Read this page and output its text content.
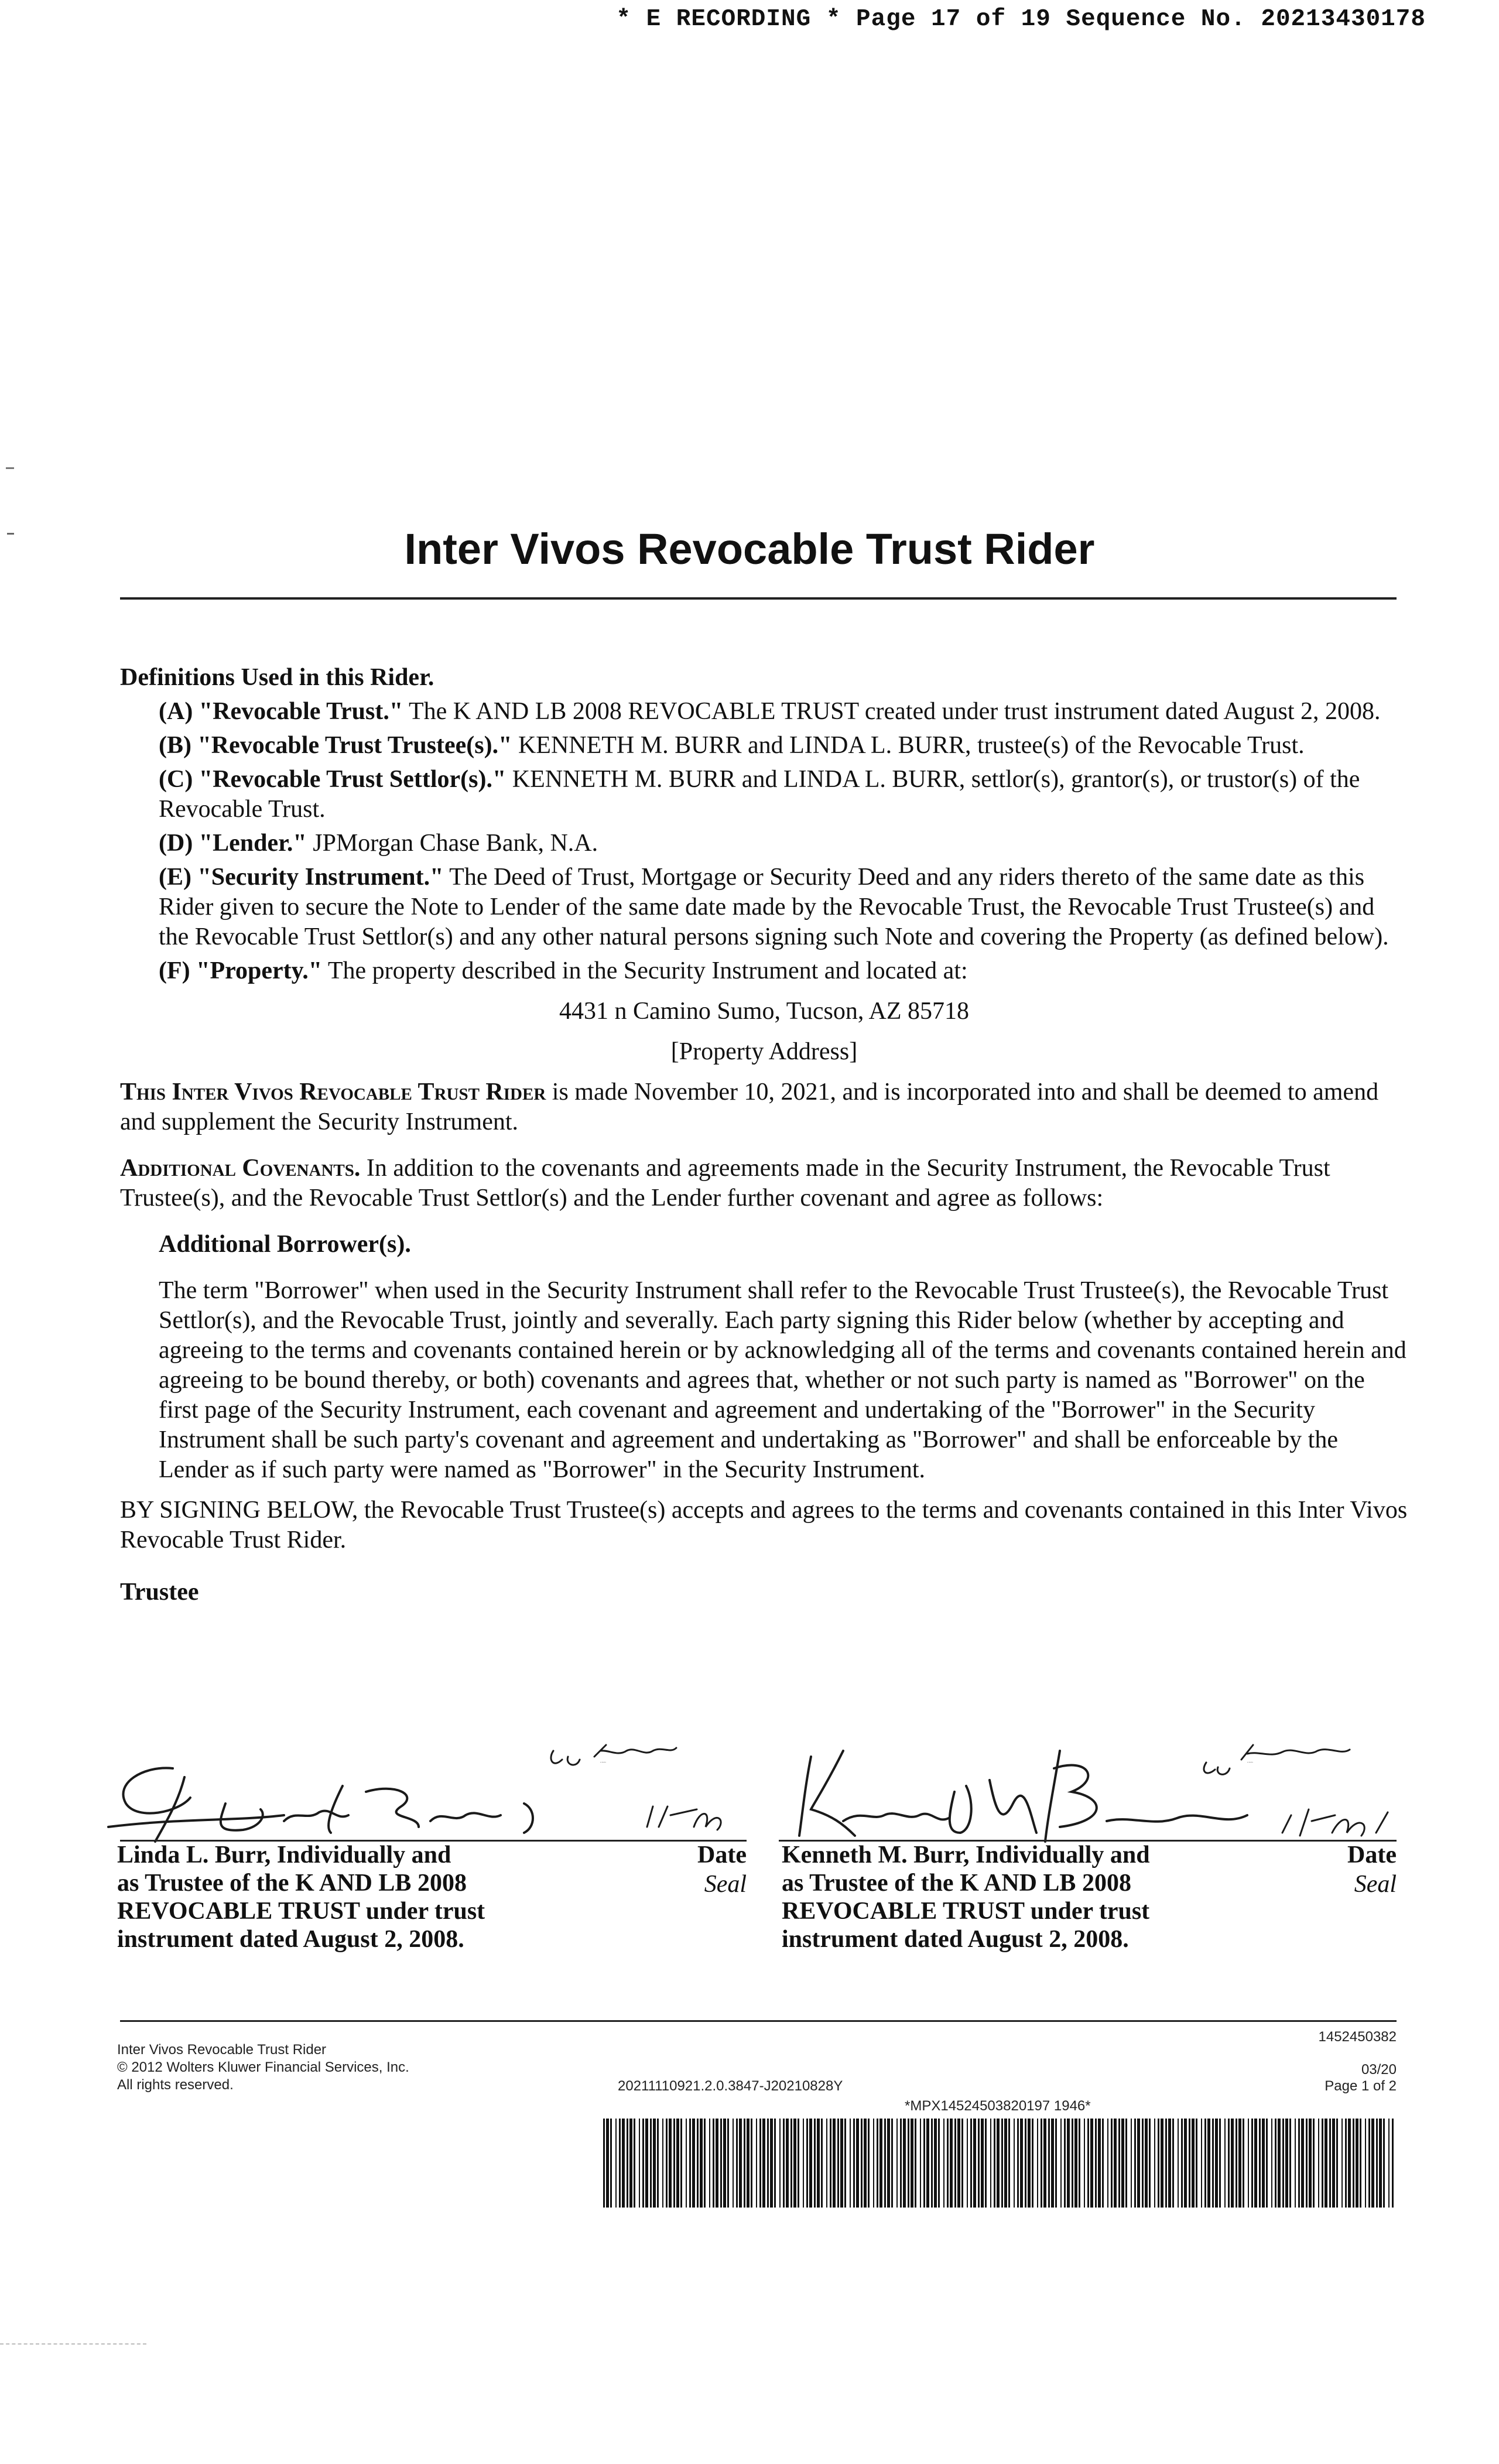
* E RECORDING * Page 17 of 19 Sequence No. 20213430178
Inter Vivos Revocable Trust Rider

Definitions Used in this Rider.

(A) "Revocable Trust." The K AND LB 2008 REVOCABLE TRUST created under trust instrument dated August 2, 2008.

(B) "Revocable Trust Trustee(s)." KENNETH M. BURR and LINDA L. BURR, trustee(s) of the Revocable Trust.

(C) "Revocable Trust Settlor(s)." KENNETH M. BURR and LINDA L. BURR, settlor(s), grantor(s), or trustor(s) of the Revocable Trust.

(D) "Lender." JPMorgan Chase Bank, N.A.

(E) "Security Instrument." The Deed of Trust, Mortgage or Security Deed and any riders thereto of the same date as this Rider given to secure the Note to Lender of the same date made by the Revocable Trust, the Revocable Trust Trustee(s) and the Revocable Trust Settlor(s) and any other natural persons signing such Note and covering the Property (as defined below).

(F) "Property." The property described in the Security Instrument and located at:

4431 n Camino Sumo, Tucson, AZ 85718

[Property Address]

This Inter Vivos Revocable Trust Rider is made November 10, 2021, and is incorporated into and shall be deemed to amend and supplement the Security Instrument.

Additional Covenants. In addition to the covenants and agreements made in the Security Instrument, the Revocable Trust Trustee(s), and the Revocable Trust Settlor(s) and the Lender further covenant and agree as follows:

Additional Borrower(s).

The term "Borrower" when used in the Security Instrument shall refer to the Revocable Trust Trustee(s), the Revocable Trust Settlor(s), and the Revocable Trust, jointly and severally. Each party signing this Rider below (whether by accepting and agreeing to the terms and covenants contained herein or by acknowledging all of the terms and covenants contained herein and agreeing to be bound thereby, or both) covenants and agrees that, whether or not such party is named as "Borrower" on the first page of the Security Instrument, each covenant and agreement and undertaking of the "Borrower" in the Security Instrument shall be such party's covenant and agreement and undertaking as "Borrower" and shall be enforceable by the Lender as if such party were named as "Borrower" in the Security Instrument.

BY SIGNING BELOW, the Revocable Trust Trustee(s) accepts and agrees to the terms and covenants contained in this Inter Vivos Revocable Trust Rider.

Trustee

as trustee
Date
Seal
Linda L. Burr, Individually and
as Trustee of the K AND LB 2008
REVOCABLE TRUST under trust
instrument dated August 2, 2008.
as trustee
Date
Seal
Kenneth M. Burr, Individually and
as Trustee of the K AND LB 2008
REVOCABLE TRUST under trust
instrument dated August 2, 2008.
Inter Vivos Revocable Trust Rider
© 2012 Wolters Kluwer Financial Services, Inc.
All rights reserved.	20211110921.2.0.3847-J20210828Y
1452450382
03/20
Page 1 of 2
*MPX14524503820197 1946*
